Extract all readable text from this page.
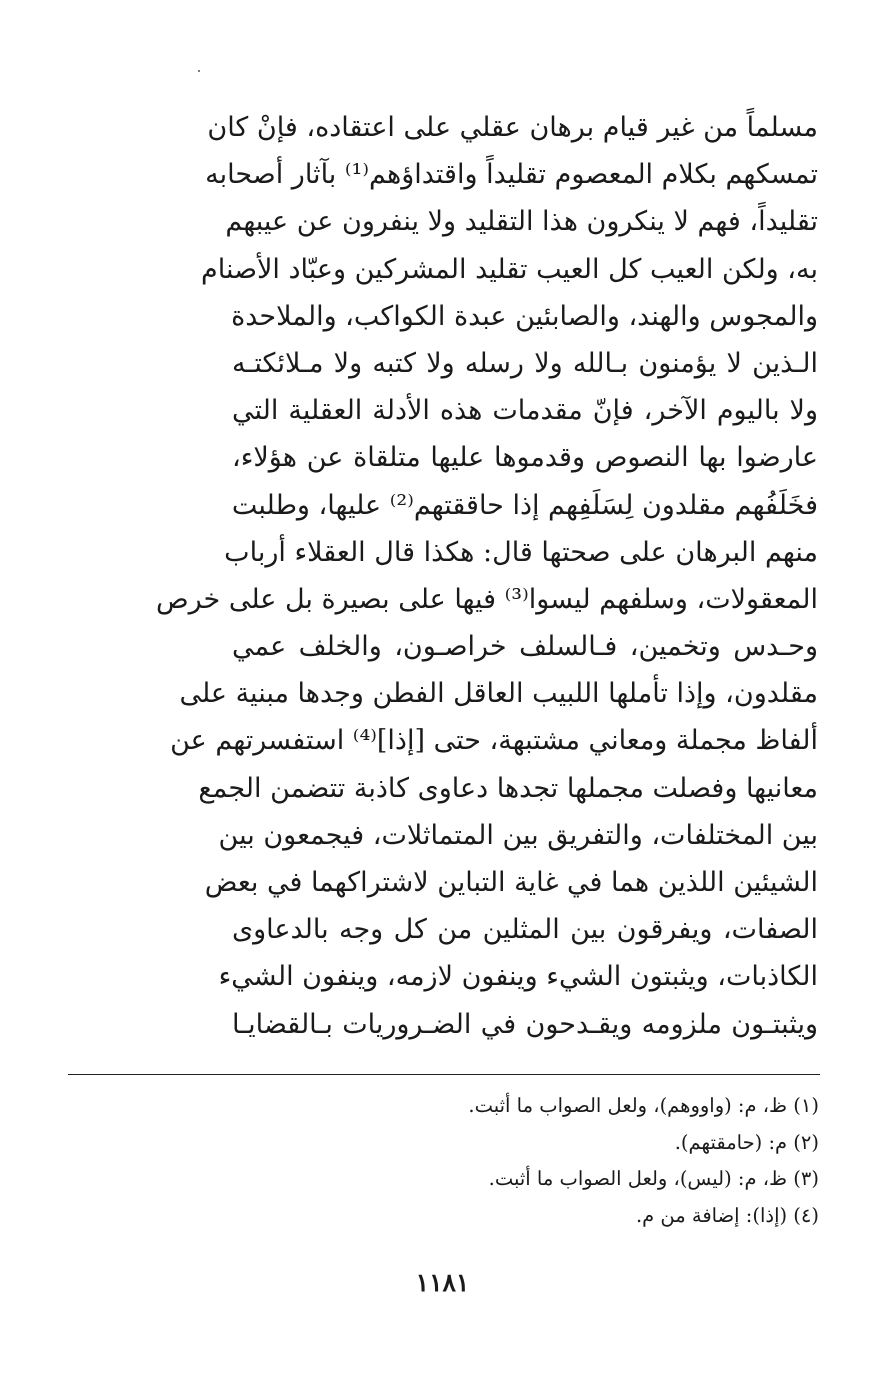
مسلماً من غير قيام برهان عقلي على اعتقاده، فإنْ كان
تمسكهم بكلام المعصوم تقليداً واقتداؤهم⁽¹⁾ بآثار أصحابه
تقليداً، فهم لا ينكرون هذا التقليد ولا ينفرون عن عيبهم
به، ولكن العيب كل العيب تقليد المشركين وعبّاد الأصنام
والمجوس والهند، والصابئين عبدة الكواكب، والملاحدة
الـذين لا يؤمنون بـالله ولا رسله ولا كتبه ولا مـلائكتـه
ولا باليوم الآخر، فإنّ مقدمات هذه الأدلة العقلية التي
عارضوا بها النصوص وقدموها عليها متلقاة عن هؤلاء،
فخَلَفُهم مقلدون لِسَلَفِهم إذا حاققتهم⁽²⁾ عليها، وطلبت
منهم البرهان على صحتها قال: هكذا قال العقلاء أرباب
المعقولات، وسلفهم ليسوا⁽³⁾ فيها على بصيرة بل على خرص
وحـدس وتخمين، فـالسلف خراصـون، والخلف عمي
مقلدون، وإذا تأملها اللبيب العاقل الفطن وجدها مبنية على
ألفاظ مجملة ومعاني مشتبهة، حتى [إذا]⁽⁴⁾ استفسرتهم عن
معانيها وفصلت مجملها تجدها دعاوى كاذبة تتضمن الجمع
بين المختلفات، والتفريق بين المتماثلات، فيجمعون بين
الشيئين اللذين هما في غاية التباين لاشتراكهما في بعض
الصفات، ويفرقون بين المثلين من كل وجه بالدعاوى
الكاذبات، ويثبتون الشيء وينفون لازمه، وينفون الشيء
ويثبتـون ملزومه ويقـدحون في الضـروريات بـالقضايـا
(١) ظ، م: (واووهم)، ولعل الصواب ما أثبت.
(٢) م: (حامقتهم).
(٣) ظ، م: (ليس)، ولعل الصواب ما أثبت.
(٤) (إذا): إضافة من م.
١١٨١
